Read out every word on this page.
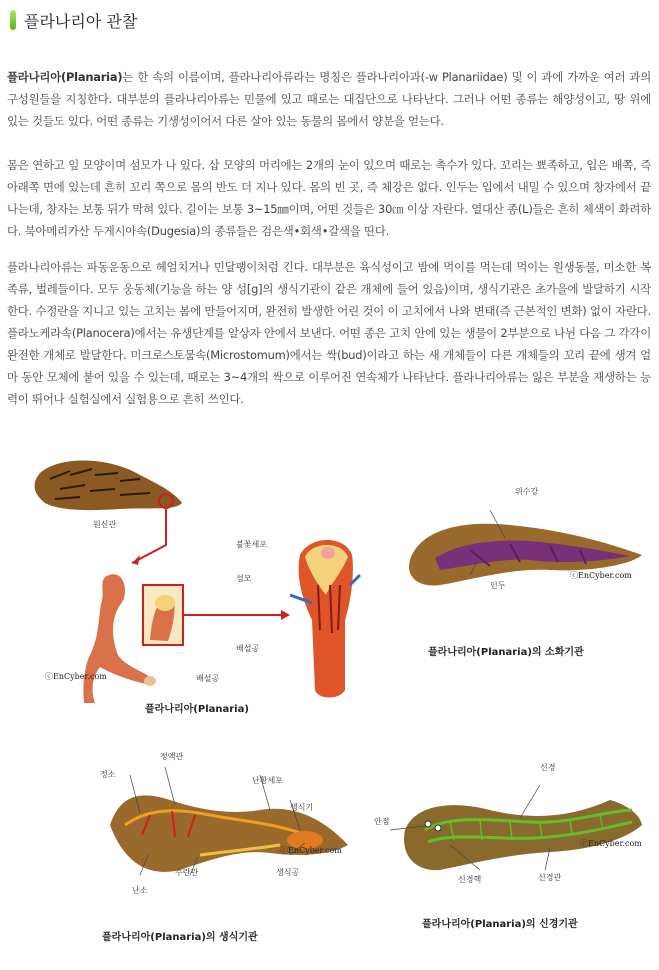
플라나리아 관찰
플라나리아(Planaria)는 한 속의 이름이며, 플라나리아류라는 명칭은 플라나리아과(-w Planariidae) 및 이 과에 가까운 여러 과의 구성원들을 지칭한다. 대부분의 플라나리아류는 민물에 있고 때로는 대집단으로 나타난다. 그러나 어떤 종류는 해양성이고, 땅 위에 있는 것들도 있다. 어떤 종류는 기생성이어서 다른 살아 있는 동물의 몸에서 양분을 얻는다.
몸은 연하고 잎 모양이며 섬모가 나 있다. 삽 모양의 머리에는 2개의 눈이 있으며 때로는 촉수가 있다. 꼬리는 뾰족하고, 입은 배쪽, 즉 아래쪽 면에 있는데 흔히 꼬리 쪽으로 몸의 반도 더 지나 있다. 몸의 빈 곳, 즉 체강은 없다. 인두는 입에서 내밀 수 있으며 창자에서 끝나는데, 창자는 보통 뒤가 막혀 있다. 길이는 보통 3~15㎜이며, 어떤 것들은 30㎝ 이상 자란다. 열대산 종(L)들은 흔히 체색이 화려하다. 북아메리카산 두게시아속(Dugesia)의 종류들은 검은색•회색•갈색을 띤다.
플라나리아류는 파동운동으로 헤엄치거나 민달팽이처럼 긴다. 대부분은 육식성이고 밤에 먹이를 먹는데 먹이는 원생동물, 미소한 복족류, 벌레들이다. 모두 웅동체(기능을 하는 양 성[g]의 생식기관이 같은 개체에 들어 있음)이며, 생식기관은 초가을에 발달하기 시작한다. 수정란을 지니고 있는 고치는 봄에 만들어지며, 완전히 발생한 어린 것이 이 고치에서 나와 변태(즉 근본적인 변화) 없이 자란다. 플라노케라속(Planocera)에서는 유생단계를 알상자 안에서 보낸다. 어떤 종은 고치 안에 있는 생물이 2부분으로 나뉜 다음 그 각각이 완전한 개체로 발달한다. 미크로스토뭄속(Microstomum)에서는 싹(bud)이라고 하는 새 개체들이 다른 개체들의 꼬리 끝에 생겨 얼마 동안 모체에 붙어 있을 수 있는데, 때로는 3~4개의 싹으로 이루어진 연속체가 나타난다. 플라나리아류는 잃은 부분을 재생하는 능력이 뛰어나 실험실에서 실험용으로 흔히 쓰인다.
원신관
불꽃세포
섬모
배설공
배설공
ⓒEnCyber.com
플라나리아(Planaria)
위수강
인두
ⓒEnCyber.com
플라나리아(Planaria)의 소화기관
정소
정액관
난황세포
생식기
생식공
수란관
난소
ⓒEnCyber.com
플라나리아(Planaria)의 생식기관
신경
안점
신경핵	신경관
ⓒEnCyber.com
플라나리아(Planaria)의 신경기관
